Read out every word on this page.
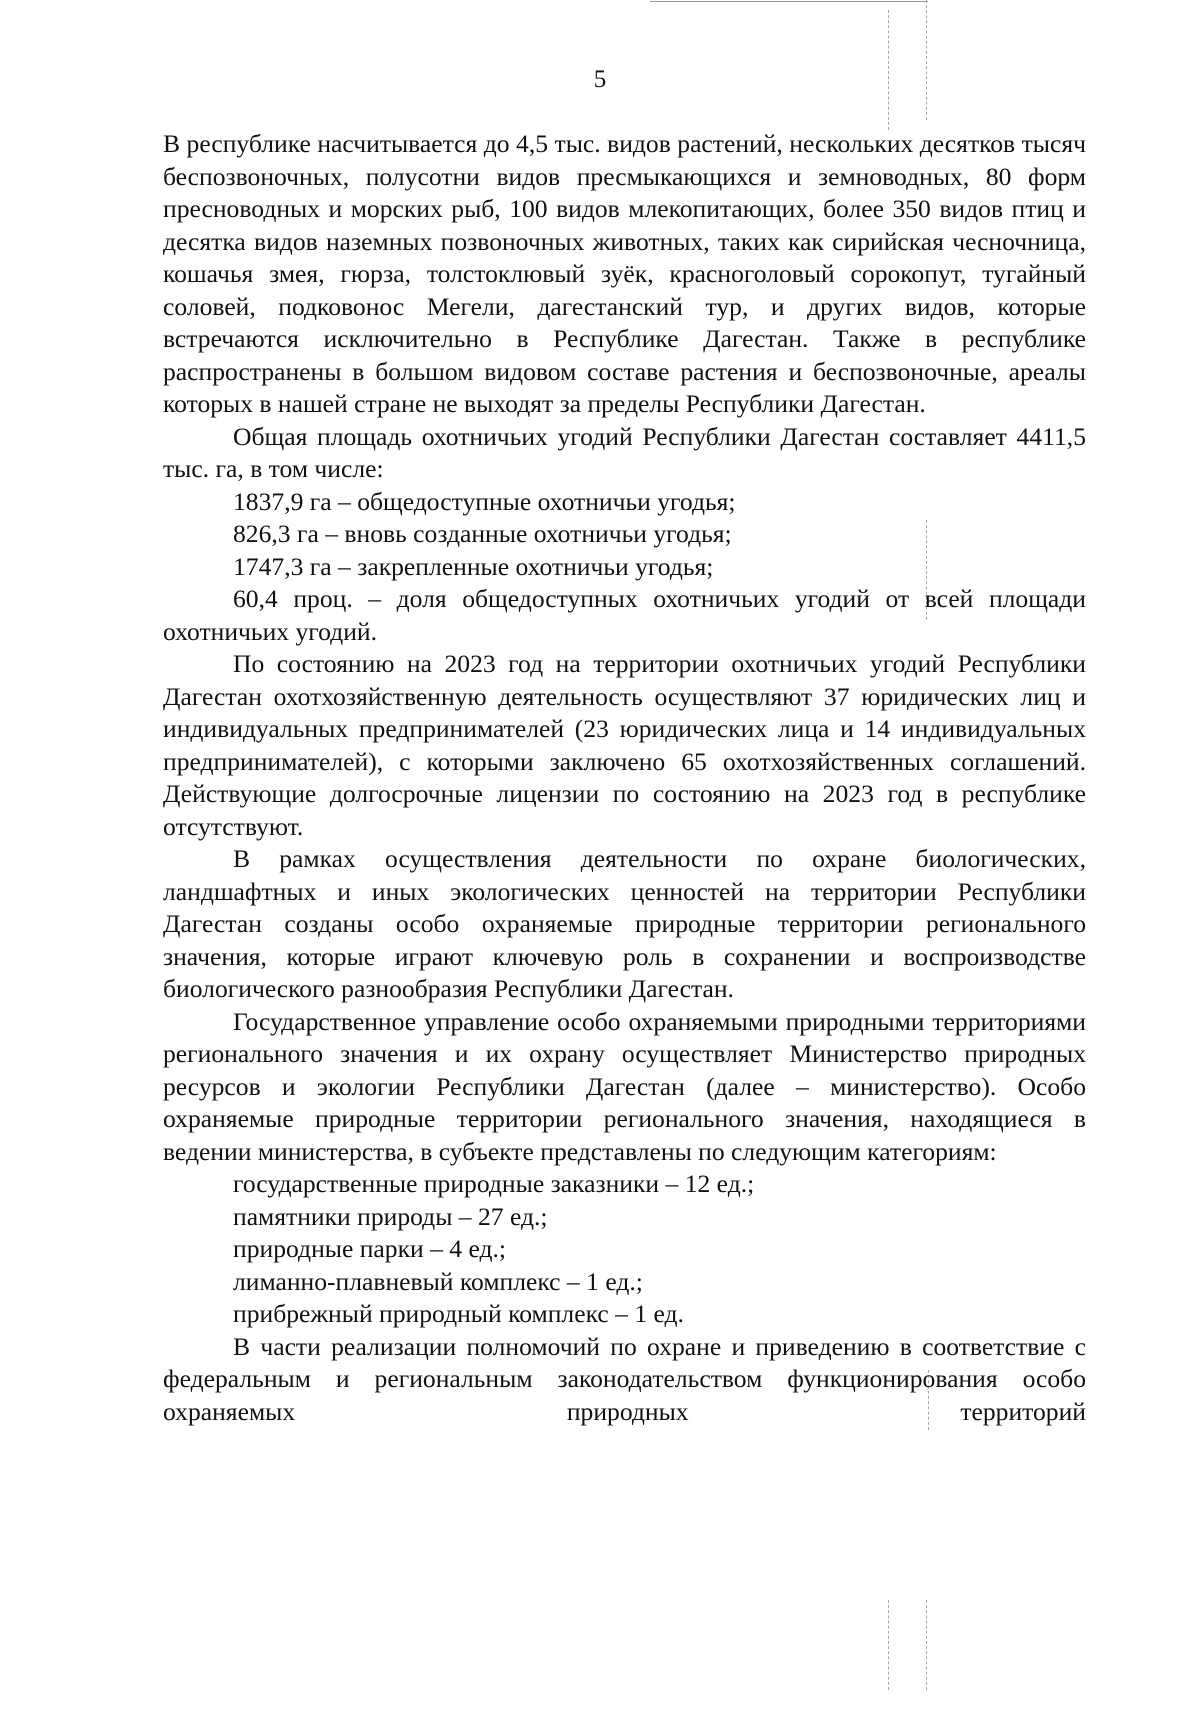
5

В республике насчитывается до 4,5 тыс. видов растений, нескольких десятков тысяч беспозвоночных, полусотни видов пресмыкающихся и земноводных, 80 форм пресноводных и морских рыб, 100 видов млекопитающих, более 350 видов птиц и десятка видов наземных позвоночных животных, таких как сирийская чесночница, кошачья змея, гюрза, толстоклювый зуёк, красноголовый сорокопут, тугайный соловей, подковонос Мегели, дагестанский тур, и других видов, которые встречаются исключительно в Республике Дагестан. Также в республике распространены в большом видовом составе растения и беспозвоночные, ареалы которых в нашей стране не выходят за пределы Республики Дагестан.

Общая площадь охотничьих угодий Республики Дагестан составляет 4411,5 тыс. га, в том числе:

1837,9 га – общедоступные охотничьи угодья;

826,3 га – вновь созданные охотничьи угодья;

1747,3 га – закрепленные охотничьи угодья;

60,4 проц. – доля общедоступных охотничьих угодий от всей площади охотничьих угодий.

По состоянию на 2023 год на территории охотничьих угодий Республики Дагестан охотхозяйственную деятельность осуществляют 37 юридических лиц и индивидуальных предпринимателей (23 юридических лица и 14 индивидуальных предпринимателей), с которыми заключено 65 охотхозяйственных соглашений. Действующие долгосрочные лицензии по состоянию на 2023 год в республике отсутствуют.

В рамках осуществления деятельности по охране биологических, ландшафтных и иных экологических ценностей на территории Республики Дагестан созданы особо охраняемые природные территории регионального значения, которые играют ключевую роль в сохранении и воспроизводстве биологического разнообразия Республики Дагестан.

Государственное управление особо охраняемыми природными территориями регионального значения и их охрану осуществляет Министерство природных ресурсов и экологии Республики Дагестан (далее – министерство). Особо охраняемые природные территории регионального значения, находящиеся в ведении министерства, в субъекте представлены по следующим категориям:

государственные природные заказники – 12 ед.;

памятники природы – 27 ед.;

природные парки – 4 ед.;

лиманно-плавневый комплекс – 1 ед.;

прибрежный природный комплекс – 1 ед.

В части реализации полномочий по охране и приведению в соответствие с федеральным и региональным законодательством функционирования особо охраняемых природных территорий
